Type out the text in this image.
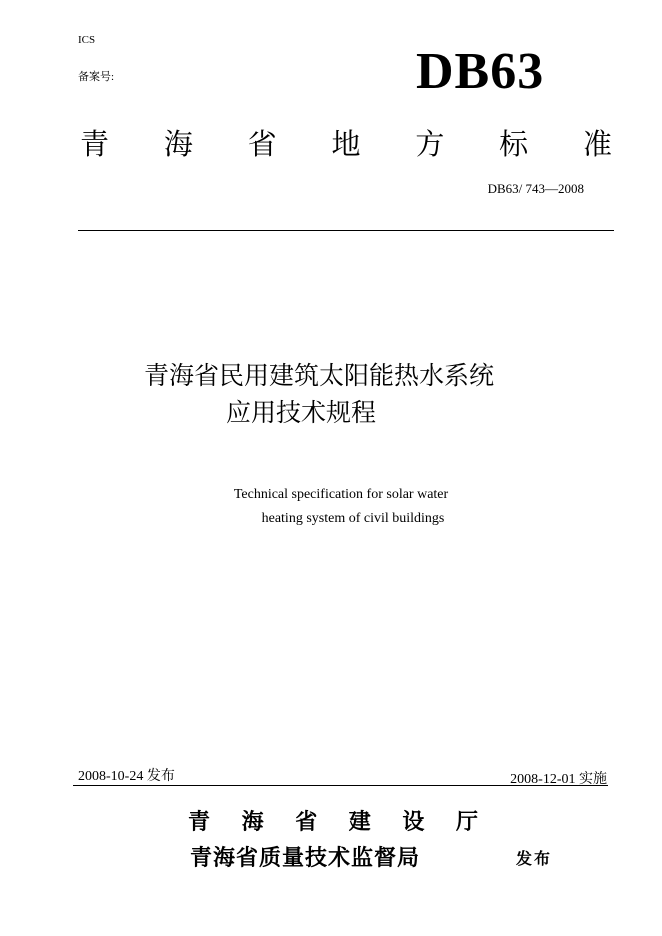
ICS
备案号:	DB63
青 海 省 地 方 标 准
DB63/ 743—2008
青海省民用建筑太阳能热水系统
应用技术规程
Technical specification for solar water
heating system of civil buildings
2008-10-24 发布	2008-12-01 实施
青 海 省 建 设 厅
青海省质量技术监督局	发布
